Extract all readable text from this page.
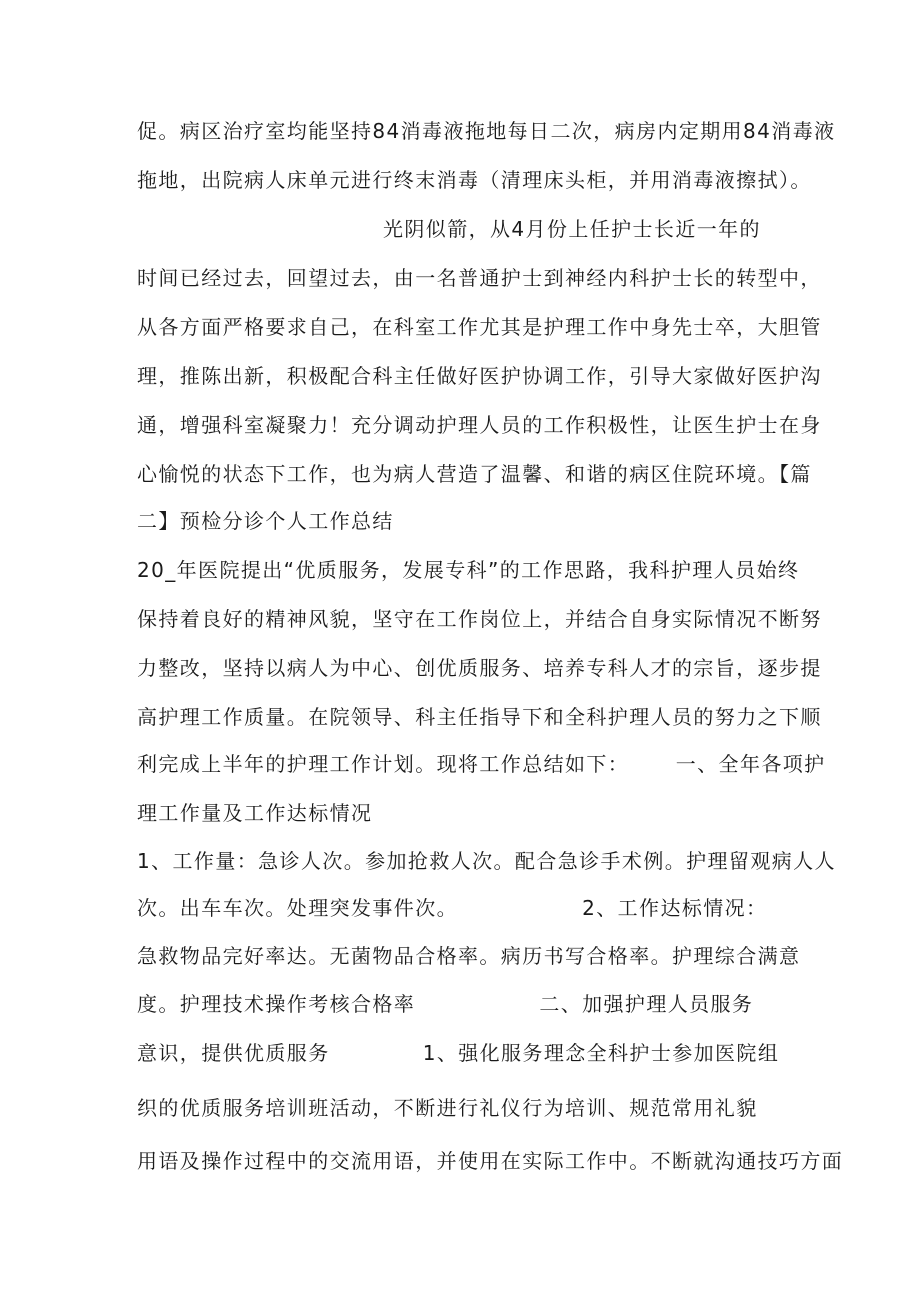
促。病区治疗室均能坚持84消毒液拖地每日二次，病房内定期用84消毒液
拖地，出院病人床单元进行终末消毒（清理床头柜，并用消毒液擦拭）。
光阴似箭，从4月份上任护士长近一年的
时间已经过去，回望过去，由一名普通护士到神经内科护士长的转型中，
从各方面严格要求自己，在科室工作尤其是护理工作中身先士卒，大胆管
理，推陈出新，积极配合科主任做好医护协调工作，引导大家做好医护沟
通，增强科室凝聚力！充分调动护理人员的工作积极性，让医生护士在身
心愉悦的状态下工作，也为病人营造了温馨、和谐的病区住院环境。【篇
二】预检分诊个人工作总结
20_年医院提出“优质服务，发展专科”的工作思路，我科护理人员始终
保持着良好的精神风貌，坚守在工作岗位上，并结合自身实际情况不断努
力整改，坚持以病人为中心、创优质服务、培养专科人才的宗旨，逐步提
高护理工作质量。在院领导、科主任指导下和全科护理人员的努力之下顺
利完成上半年的护理工作计划。现将工作总结如下：      一、全年各项护
理工作量及工作达标情况
1、工作量：急诊人次。参加抢救人次。配合急诊手术例。护理留观病人人
次。出车车次。处理突发事件次。                2、工作达标情况：
急救物品完好率达。无菌物品合格率。病历书写合格率。护理综合满意
度。护理技术操作考核合格率                二、加强护理人员服务
意识，提供优质服务            1、强化服务理念全科护士参加医院组
织的优质服务培训班活动，不断进行礼仪行为培训、规范常用礼貌
用语及操作过程中的交流用语，并使用在实际工作中。不断就沟通技巧方面
